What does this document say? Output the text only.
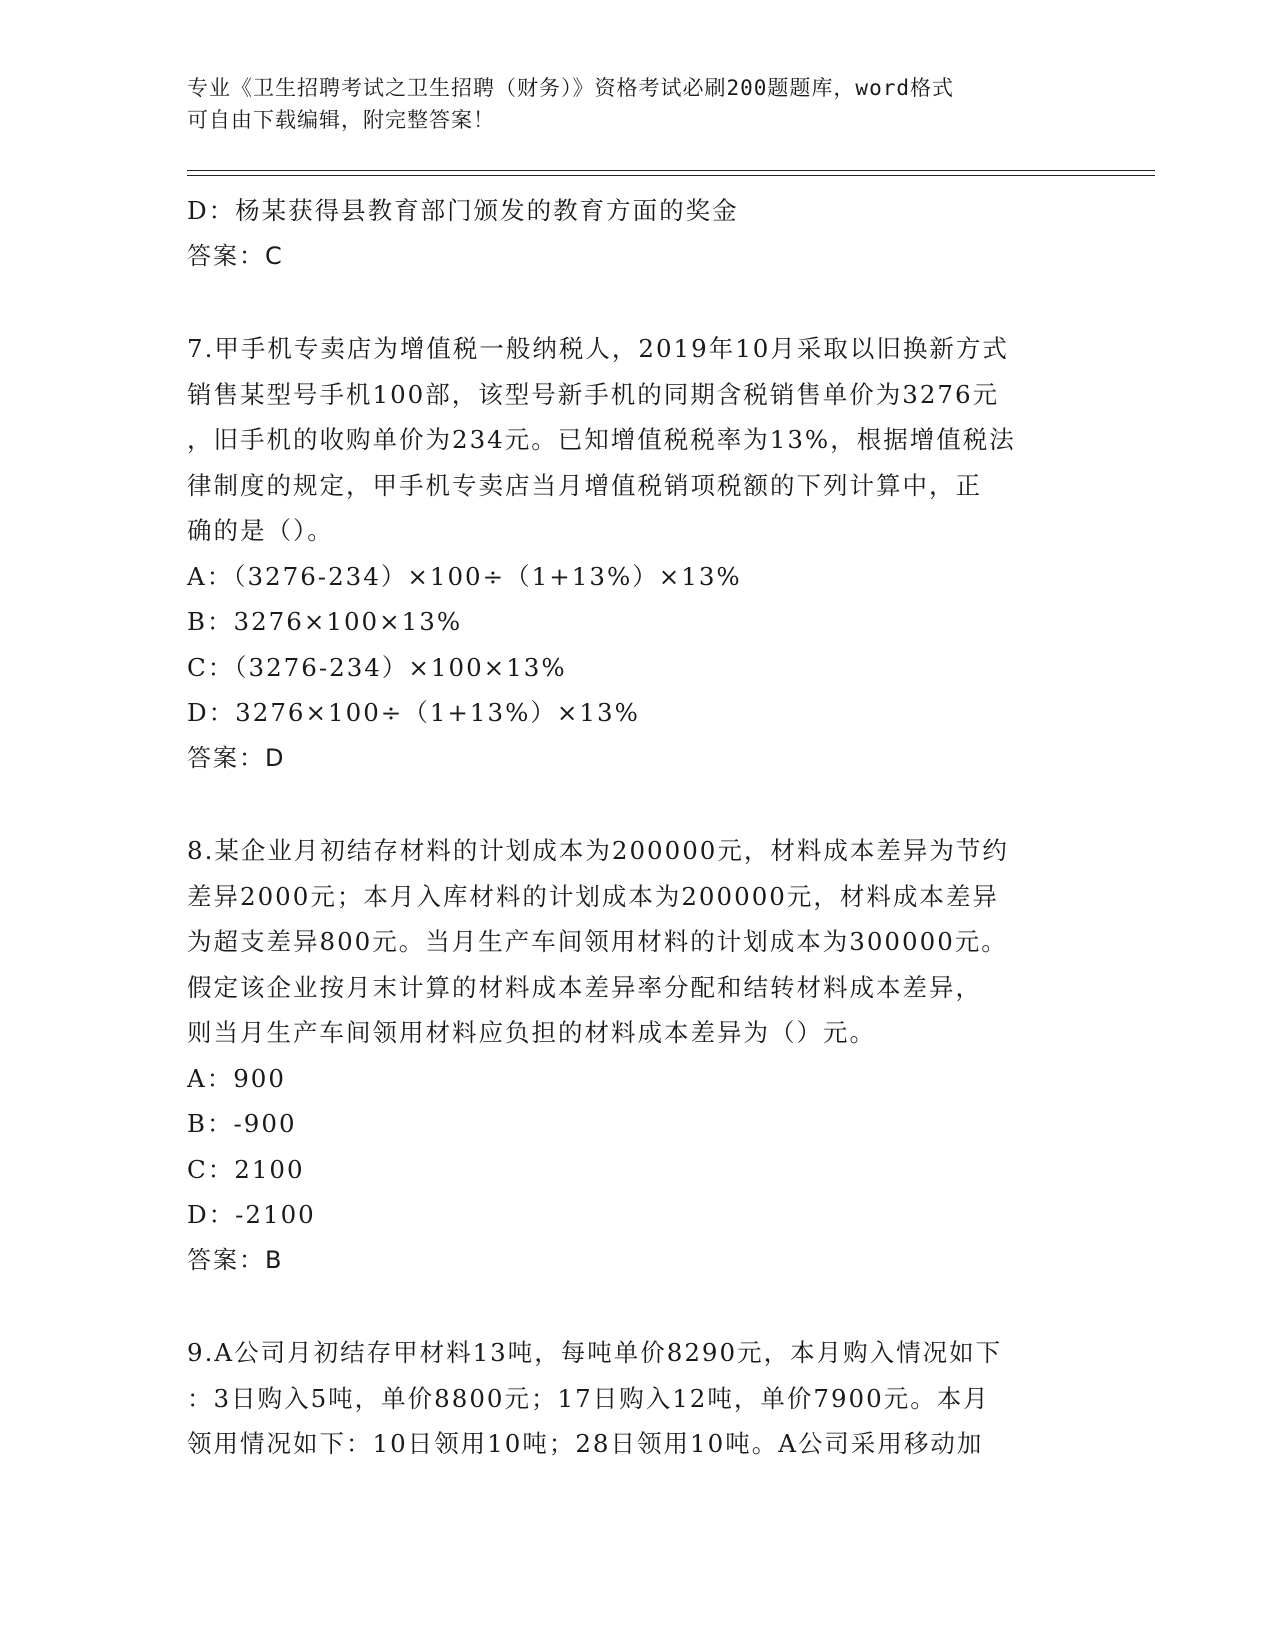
专业《卫生招聘考试之卫生招聘（财务）》资格考试必刷200题题库，word格式
可自由下载编辑，附完整答案！
D：杨某获得县教育部门颁发的教育方面的奖金
答案：C
7.甲手机专卖店为增值税一般纳税人，2019年10月采取以旧换新方式
销售某型号手机100部，该型号新手机的同期含税销售单价为3276元
，旧手机的收购单价为234元。已知增值税税率为13%，根据增值税法
律制度的规定，甲手机专卖店当月增值税销项税额的下列计算中，正
确的是（）。
A：（3276-234）×100÷（1+13%）×13%
B：3276×100×13%
C：（3276-234）×100×13%
D：3276×100÷（1+13%）×13%
答案：D
8.某企业月初结存材料的计划成本为200000元，材料成本差异为节约
差异2000元；本月入库材料的计划成本为200000元，材料成本差异
为超支差异800元。当月生产车间领用材料的计划成本为300000元。
假定该企业按月末计算的材料成本差异率分配和结转材料成本差异，
则当月生产车间领用材料应负担的材料成本差异为（）元。
A：900
B：-900
C：2100
D：-2100
答案：B
9.A公司月初结存甲材料13吨，每吨单价8290元，本月购入情况如下
：3日购入5吨，单价8800元；17日购入12吨，单价7900元。本月
领用情况如下：10日领用10吨；28日领用10吨。A公司采用移动加
